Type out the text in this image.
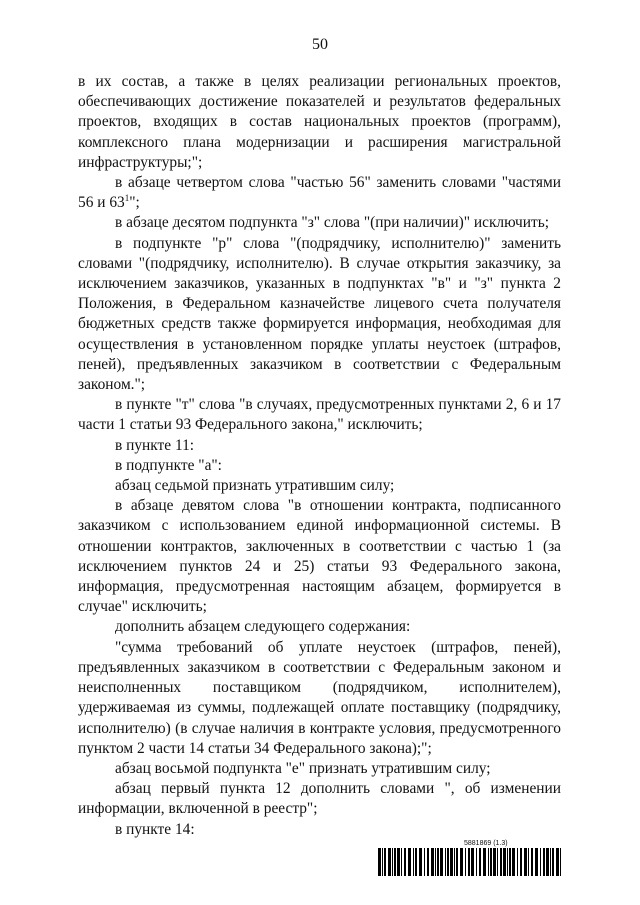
50

в их состав, а также в целях реализации региональных проектов, обеспечивающих достижение показателей и результатов федеральных проектов, входящих в состав национальных проектов (программ), комплексного плана модернизации и расширения магистральной инфраструктуры;";

в абзаце четвертом слова "частью 56" заменить словами "частями 56 и $63^1$";

в абзаце десятом подпункта "з" слова "(при наличии)" исключить;

в подпункте "р" слова "(подрядчику, исполнителю)" заменить словами "(подрядчику, исполнителю). В случае открытия заказчику, за исключением заказчиков, указанных в подпунктах "в" и "з" пункта 2 Положения, в Федеральном казначействе лицевого счета получателя бюджетных средств также формируется информация, необходимая для осуществления в установленном порядке уплаты неустоек (штрафов, пеней), предъявленных заказчиком в соответствии с Федеральным законом.";

в пункте "т" слова "в случаях, предусмотренных пунктами 2, 6 и 17 части 1 статьи 93 Федерального закона," исключить;

в пункте 11:

в подпункте "а":

абзац седьмой признать утратившим силу;

в абзаце девятом слова "в отношении контракта, подписанного заказчиком с использованием единой информационной системы. В отношении контрактов, заключенных в соответствии с частью 1 (за исключением пунктов 24 и 25) статьи 93 Федерального закона, информация, предусмотренная настоящим абзацем, формируется в случае" исключить;

дополнить абзацем следующего содержания:

"сумма требований об уплате неустоек (штрафов, пеней), предъявленных заказчиком в соответствии с Федеральным законом и неисполненных поставщиком (подрядчиком, исполнителем), удерживаемая из суммы, подлежащей оплате поставщику (подрядчику, исполнителю) (в случае наличия в контракте условия, предусмотренного пунктом 2 части 14 статьи 34 Федерального закона);";

абзац восьмой подпункта "е" признать утратившим силу;

абзац первый пункта 12 дополнить словами ", об изменении информации, включенной в реестр";

в пункте 14:

5881869 (1.3)
